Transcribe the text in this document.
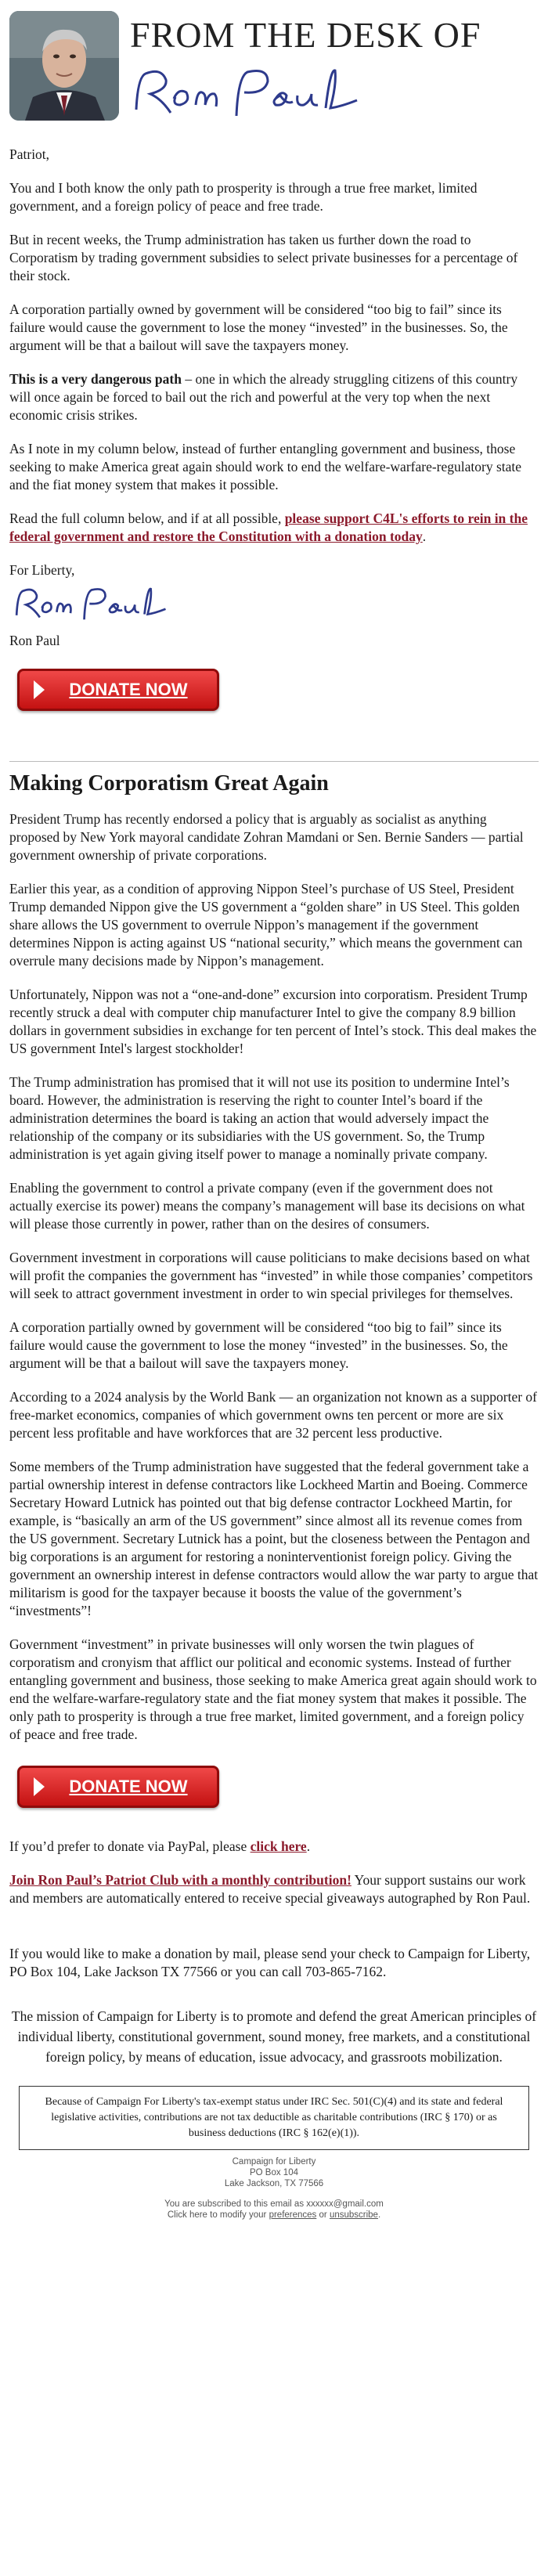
FROM THE DESK OF

Patriot,

You and I both know the only path to prosperity is through a true free market, limited government, and a foreign policy of peace and free trade.

But in recent weeks, the Trump administration has taken us further down the road to Corporatism by trading government subsidies to select private businesses for a percentage of their stock.

A corporation partially owned by government will be considered “too big to fail” since its failure would cause the government to lose the money “invested” in the businesses. So, the argument will be that a bailout will save the taxpayers money.

This is a very dangerous path – one in which the already struggling citizens of this country will once again be forced to bail out the rich and powerful at the very top when the next economic crisis strikes.

As I note in my column below, instead of further entangling government and business, those seeking to make America great again should work to end the welfare-warfare-regulatory state and the fiat money system that makes it possible.

Read the full column below, and if at all possible, please support C4L's efforts to rein in the federal government and restore the Constitution with a donation today.

For Liberty,

Ron Paul

DONATE NOW
Making Corporatism Great Again

President Trump has recently endorsed a policy that is arguably as socialist as anything proposed by New York mayoral candidate Zohran Mamdani or Sen. Bernie Sanders — partial government ownership of private corporations.

Earlier this year, as a condition of approving Nippon Steel’s purchase of US Steel, President Trump demanded Nippon give the US government a “golden share” in US Steel. This golden share allows the US government to overrule Nippon’s management if the government determines Nippon is acting against US “national security,” which means the government can overrule many decisions made by Nippon’s management.

Unfortunately, Nippon was not a “one-and-done” excursion into corporatism. President Trump recently struck a deal with computer chip manufacturer Intel to give the company 8.9 billion dollars in government subsidies in exchange for ten percent of Intel’s stock. This deal makes the US government Intel's largest stockholder!

The Trump administration has promised that it will not use its position to undermine Intel’s board. However, the administration is reserving the right to counter Intel’s board if the administration determines the board is taking an action that would adversely impact the relationship of the company or its subsidiaries with the US government. So, the Trump administration is yet again giving itself power to manage a nominally private company.

Enabling the government to control a private company (even if the government does not actually exercise its power) means the company’s management will base its decisions on what will please those currently in power, rather than on the desires of consumers.

Government investment in corporations will cause politicians to make decisions based on what will profit the companies the government has “invested” in while those companies’ competitors will seek to attract government investment in order to win special privileges for themselves.

A corporation partially owned by government will be considered “too big to fail” since its failure would cause the government to lose the money “invested” in the businesses. So, the argument will be that a bailout will save the taxpayers money.

According to a 2024 analysis by the World Bank — an organization not known as a supporter of free-market economics, companies of which government owns ten percent or more are six percent less profitable and have workforces that are 32 percent less productive.

Some members of the Trump administration have suggested that the federal government take a partial ownership interest in defense contractors like Lockheed Martin and Boeing. Commerce Secretary Howard Lutnick has pointed out that big defense contractor Lockheed Martin, for example, is “basically an arm of the US government” since almost all its revenue comes from the US government. Secretary Lutnick has a point, but the closeness between the Pentagon and big corporations is an argument for restoring a noninterventionist foreign policy. Giving the government an ownership interest in defense contractors would allow the war party to argue that militarism is good for the taxpayer because it boosts the value of the government’s “investments”!

Government “investment” in private businesses will only worsen the twin plagues of corporatism and cronyism that afflict our political and economic systems. Instead of further entangling government and business, those seeking to make America great again should work to end the welfare-warfare-regulatory state and the fiat money system that makes it possible. The only path to prosperity is through a true free market, limited government, and a foreign policy of peace and free trade.

DONATE NOW

If you’d prefer to donate via PayPal, please click here.

Join Ron Paul’s Patriot Club with a monthly contribution! Your support sustains our work and members are automatically entered to receive special giveaways autographed by Ron Paul.

If you would like to make a donation by mail, please send your check to Campaign for Liberty, PO Box 104, Lake Jackson TX 77566 or you can call 703-865-7162.

The mission of Campaign for Liberty is to promote and defend the great American principles of individual liberty, constitutional government, sound money, free markets, and a constitutional foreign policy, by means of education, issue advocacy, and grassroots mobilization.
Because of Campaign For Liberty's tax-exempt status under IRC Sec. 501(C)(4) and its state and federal legislative activities, contributions are not tax deductible as charitable contributions (IRC § 170) or as business deductions (IRC § 162(e)(1)).
Campaign for Liberty
PO Box 104
Lake Jackson, TX 77566
You are subscribed to this email as xxxxxx@gmail.com
Click here to modify your preferences or unsubscribe.
